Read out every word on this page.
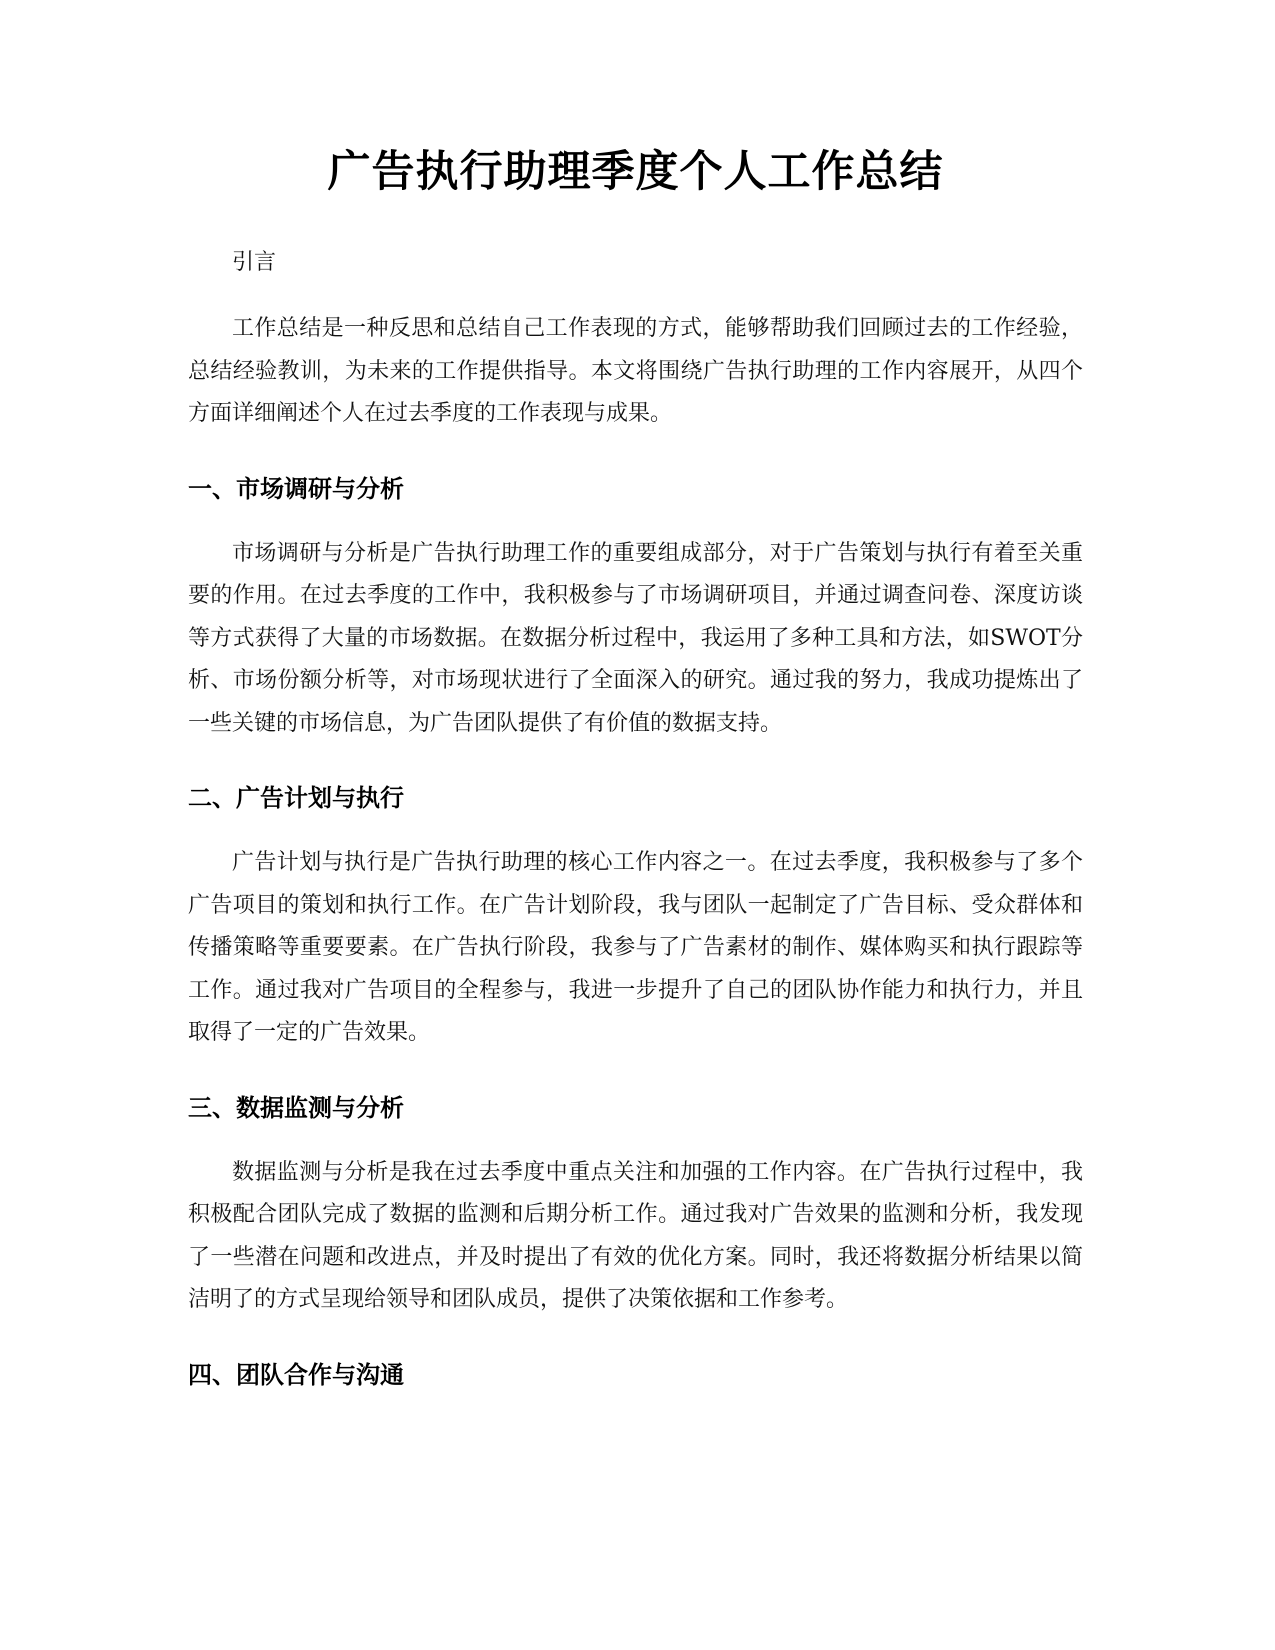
广告执行助理季度个人工作总结

引言

工作总结是一种反思和总结自己工作表现的方式，能够帮助我们回顾过去的工作经验，总结经验教训，为未来的工作提供指导。本文将围绕广告执行助理的工作内容展开，从四个方面详细阐述个人在过去季度的工作表现与成果。

一、市场调研与分析

市场调研与分析是广告执行助理工作的重要组成部分，对于广告策划与执行有着至关重要的作用。在过去季度的工作中，我积极参与了市场调研项目，并通过调查问卷、深度访谈等方式获得了大量的市场数据。在数据分析过程中，我运用了多种工具和方法，如SWOT分析、市场份额分析等，对市场现状进行了全面深入的研究。通过我的努力，我成功提炼出了一些关键的市场信息，为广告团队提供了有价值的数据支持。

二、广告计划与执行

广告计划与执行是广告执行助理的核心工作内容之一。在过去季度，我积极参与了多个广告项目的策划和执行工作。在广告计划阶段，我与团队一起制定了广告目标、受众群体和传播策略等重要要素。在广告执行阶段，我参与了广告素材的制作、媒体购买和执行跟踪等工作。通过我对广告项目的全程参与，我进一步提升了自己的团队协作能力和执行力，并且取得了一定的广告效果。

三、数据监测与分析

数据监测与分析是我在过去季度中重点关注和加强的工作内容。在广告执行过程中，我积极配合团队完成了数据的监测和后期分析工作。通过我对广告效果的监测和分析，我发现了一些潜在问题和改进点，并及时提出了有效的优化方案。同时，我还将数据分析结果以简洁明了的方式呈现给领导和团队成员，提供了决策依据和工作参考。

四、团队合作与沟通
